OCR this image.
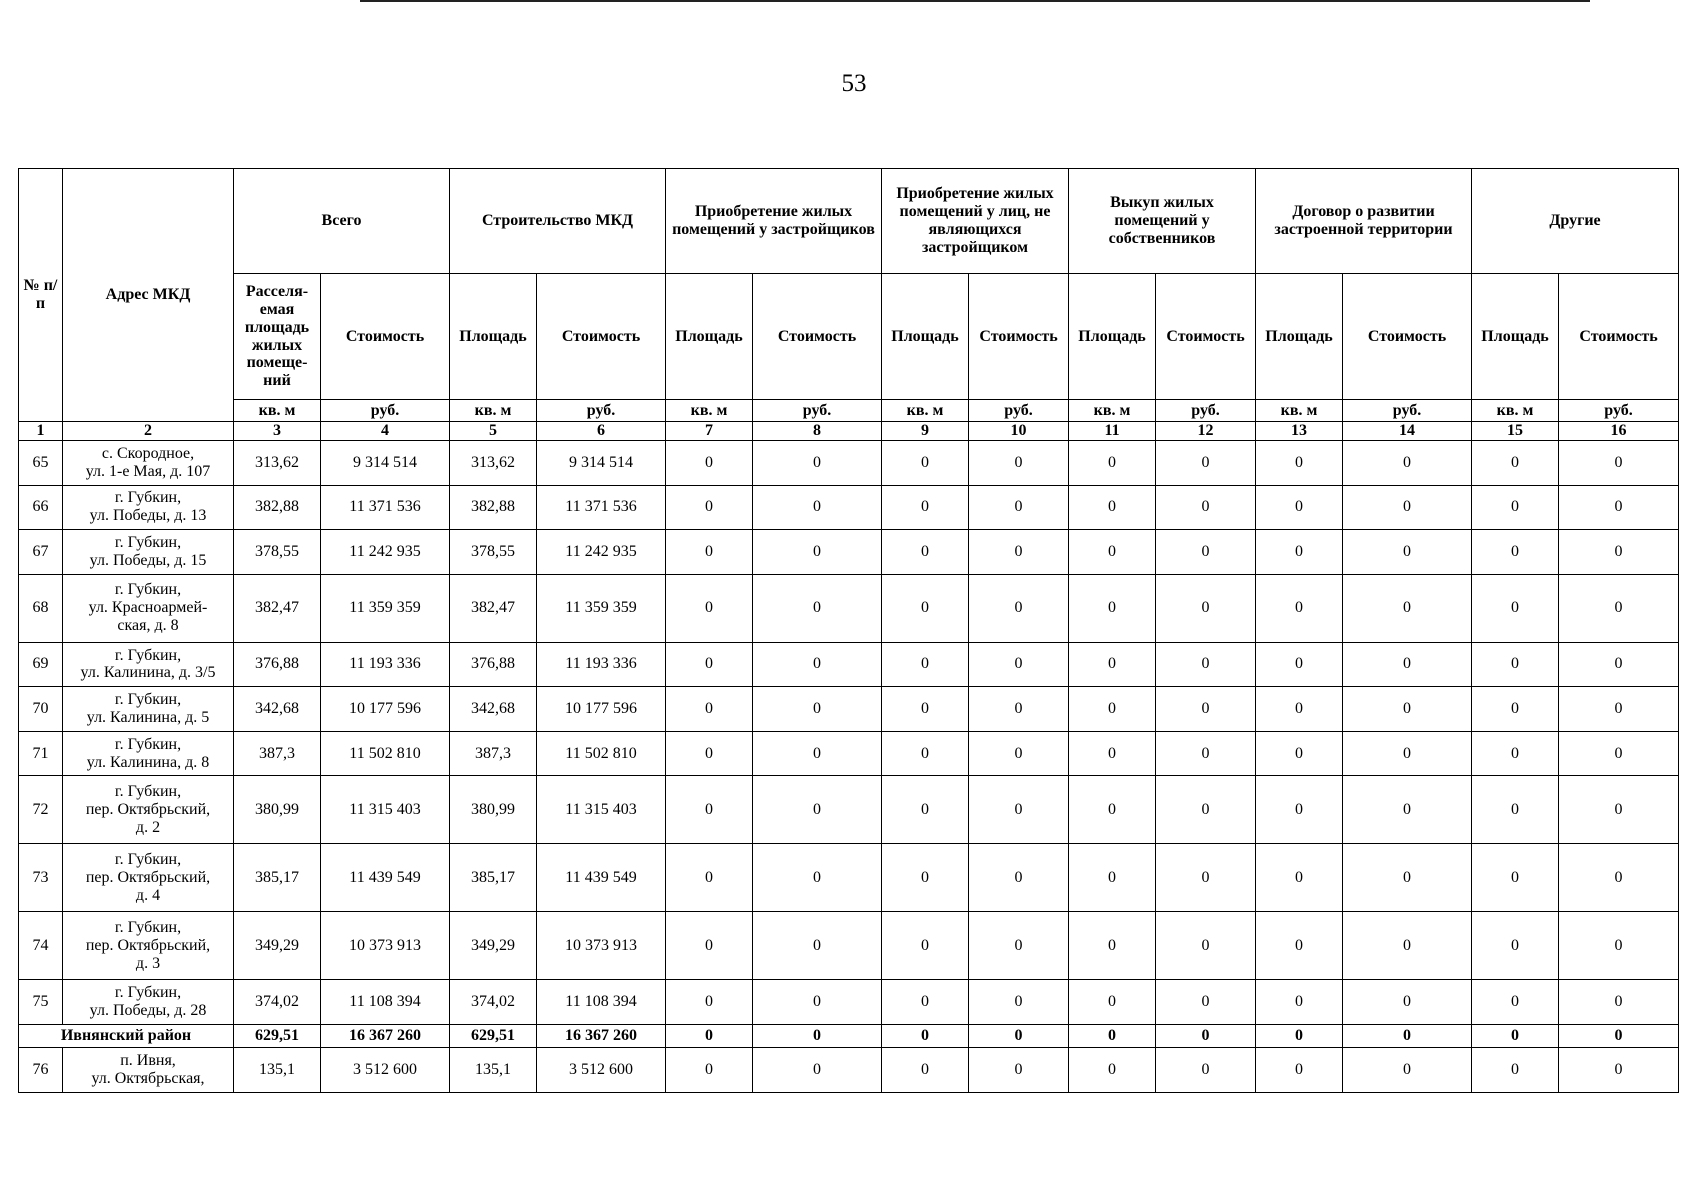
53
№ п/п	Адрес МКД	Всего		Строительство МКД		Приобретение жилых помещений у застройщиков		Приобретение жилых помещений у лиц, не являющихся застройщиком		Выкуп жилых помещений у собственников		Договор о развитии застроенной территории		Другие	
		Расселя-емая площадь жилых помеще-ний	Стоимость	Площадь	Стоимость	Площадь	Стоимость	Площадь	Стоимость	Площадь	Стоимость	Площадь	Стоимость	Площадь	Стоимость
		кв. м	руб.	кв. м	руб.	кв. м	руб.	кв. м	руб.	кв. м	руб.	кв. м	руб.	кв. м	руб.
1	2	3	4	5	6	7	8	9	10	11	12	13	14	15	16
65	с. Скородное,
ул. 1-е Мая, д. 107	313,62	9 314 514	313,62	9 314 514	0	0	0	0	0	0	0	0	0	0
66	г. Губкин,
ул. Победы, д. 13	382,88	11 371 536	382,88	11 371 536	0	0	0	0	0	0	0	0	0	0
67	г. Губкин,
ул. Победы, д. 15	378,55	11 242 935	378,55	11 242 935	0	0	0	0	0	0	0	0	0	0
68	г. Губкин,
ул. Красноармей-
ская, д. 8	382,47	11 359 359	382,47	11 359 359	0	0	0	0	0	0	0	0	0	0
69	г. Губкин,
ул. Калинина, д. 3/5	376,88	11 193 336	376,88	11 193 336	0	0	0	0	0	0	0	0	0	0
70	г. Губкин,
ул. Калинина, д. 5	342,68	10 177 596	342,68	10 177 596	0	0	0	0	0	0	0	0	0	0
71	г. Губкин,
ул. Калинина, д. 8	387,3	11 502 810	387,3	11 502 810	0	0	0	0	0	0	0	0	0	0
72	г. Губкин,
пер. Октябрьский,
д. 2	380,99	11 315 403	380,99	11 315 403	0	0	0	0	0	0	0	0	0	0
73	г. Губкин,
пер. Октябрьский,
д. 4	385,17	11 439 549	385,17	11 439 549	0	0	0	0	0	0	0	0	0	0
74	г. Губкин,
пер. Октябрьский,
д. 3	349,29	10 373 913	349,29	10 373 913	0	0	0	0	0	0	0	0	0	0
75	г. Губкин,
ул. Победы, д. 28	374,02	11 108 394	374,02	11 108 394	0	0	0	0	0	0	0	0	0	0
Ивнянский район		629,51	16 367 260	629,51	16 367 260	0	0	0	0	0	0	0	0	0	0
76	п. Ивня,
ул. Октябрьская,	135,1	3 512 600	135,1	3 512 600	0	0	0	0	0	0	0	0	0	0
